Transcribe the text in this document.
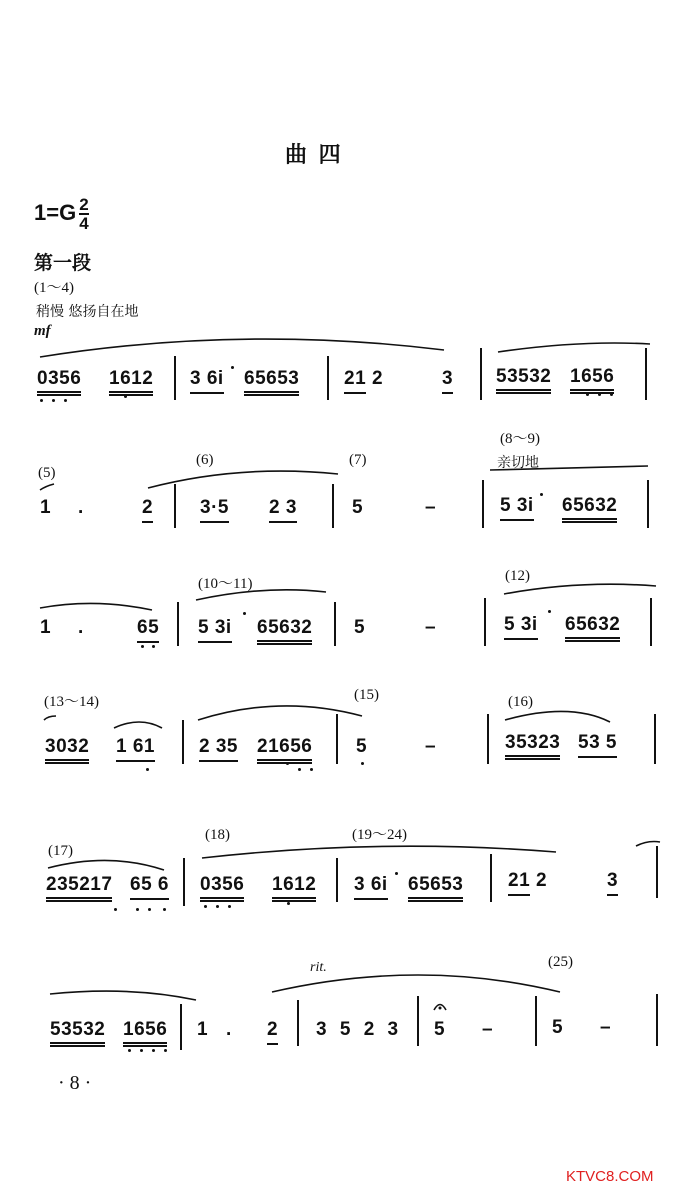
曲 四
$1=G \frac{2}{4}$
第一段
(1～4)
稍慢 悠扬自在地
mf
0356 1612 3 6i 65653 21 2	3 53532 1656
(5)
(6)	(7)
(8～9)
亲切地
1 .	2 3·5 2 3	5	–	5 3i 65632
(10～11)	(12)
1 .	65 5 3i 65632 5	–	5 3i 65632
(13～14)	(15)	(16)
3032 1 61 2 35 21656 5	–	35323 53 5
(17)
(18)	(19～24)
235217 65 6 0356 1612 3 6i 65653 21 2	3
rit.	(25)
53532 1656 1 . 2 3 5 2 3 5 –	5 –
· 8 ·
KTVC8.COM
